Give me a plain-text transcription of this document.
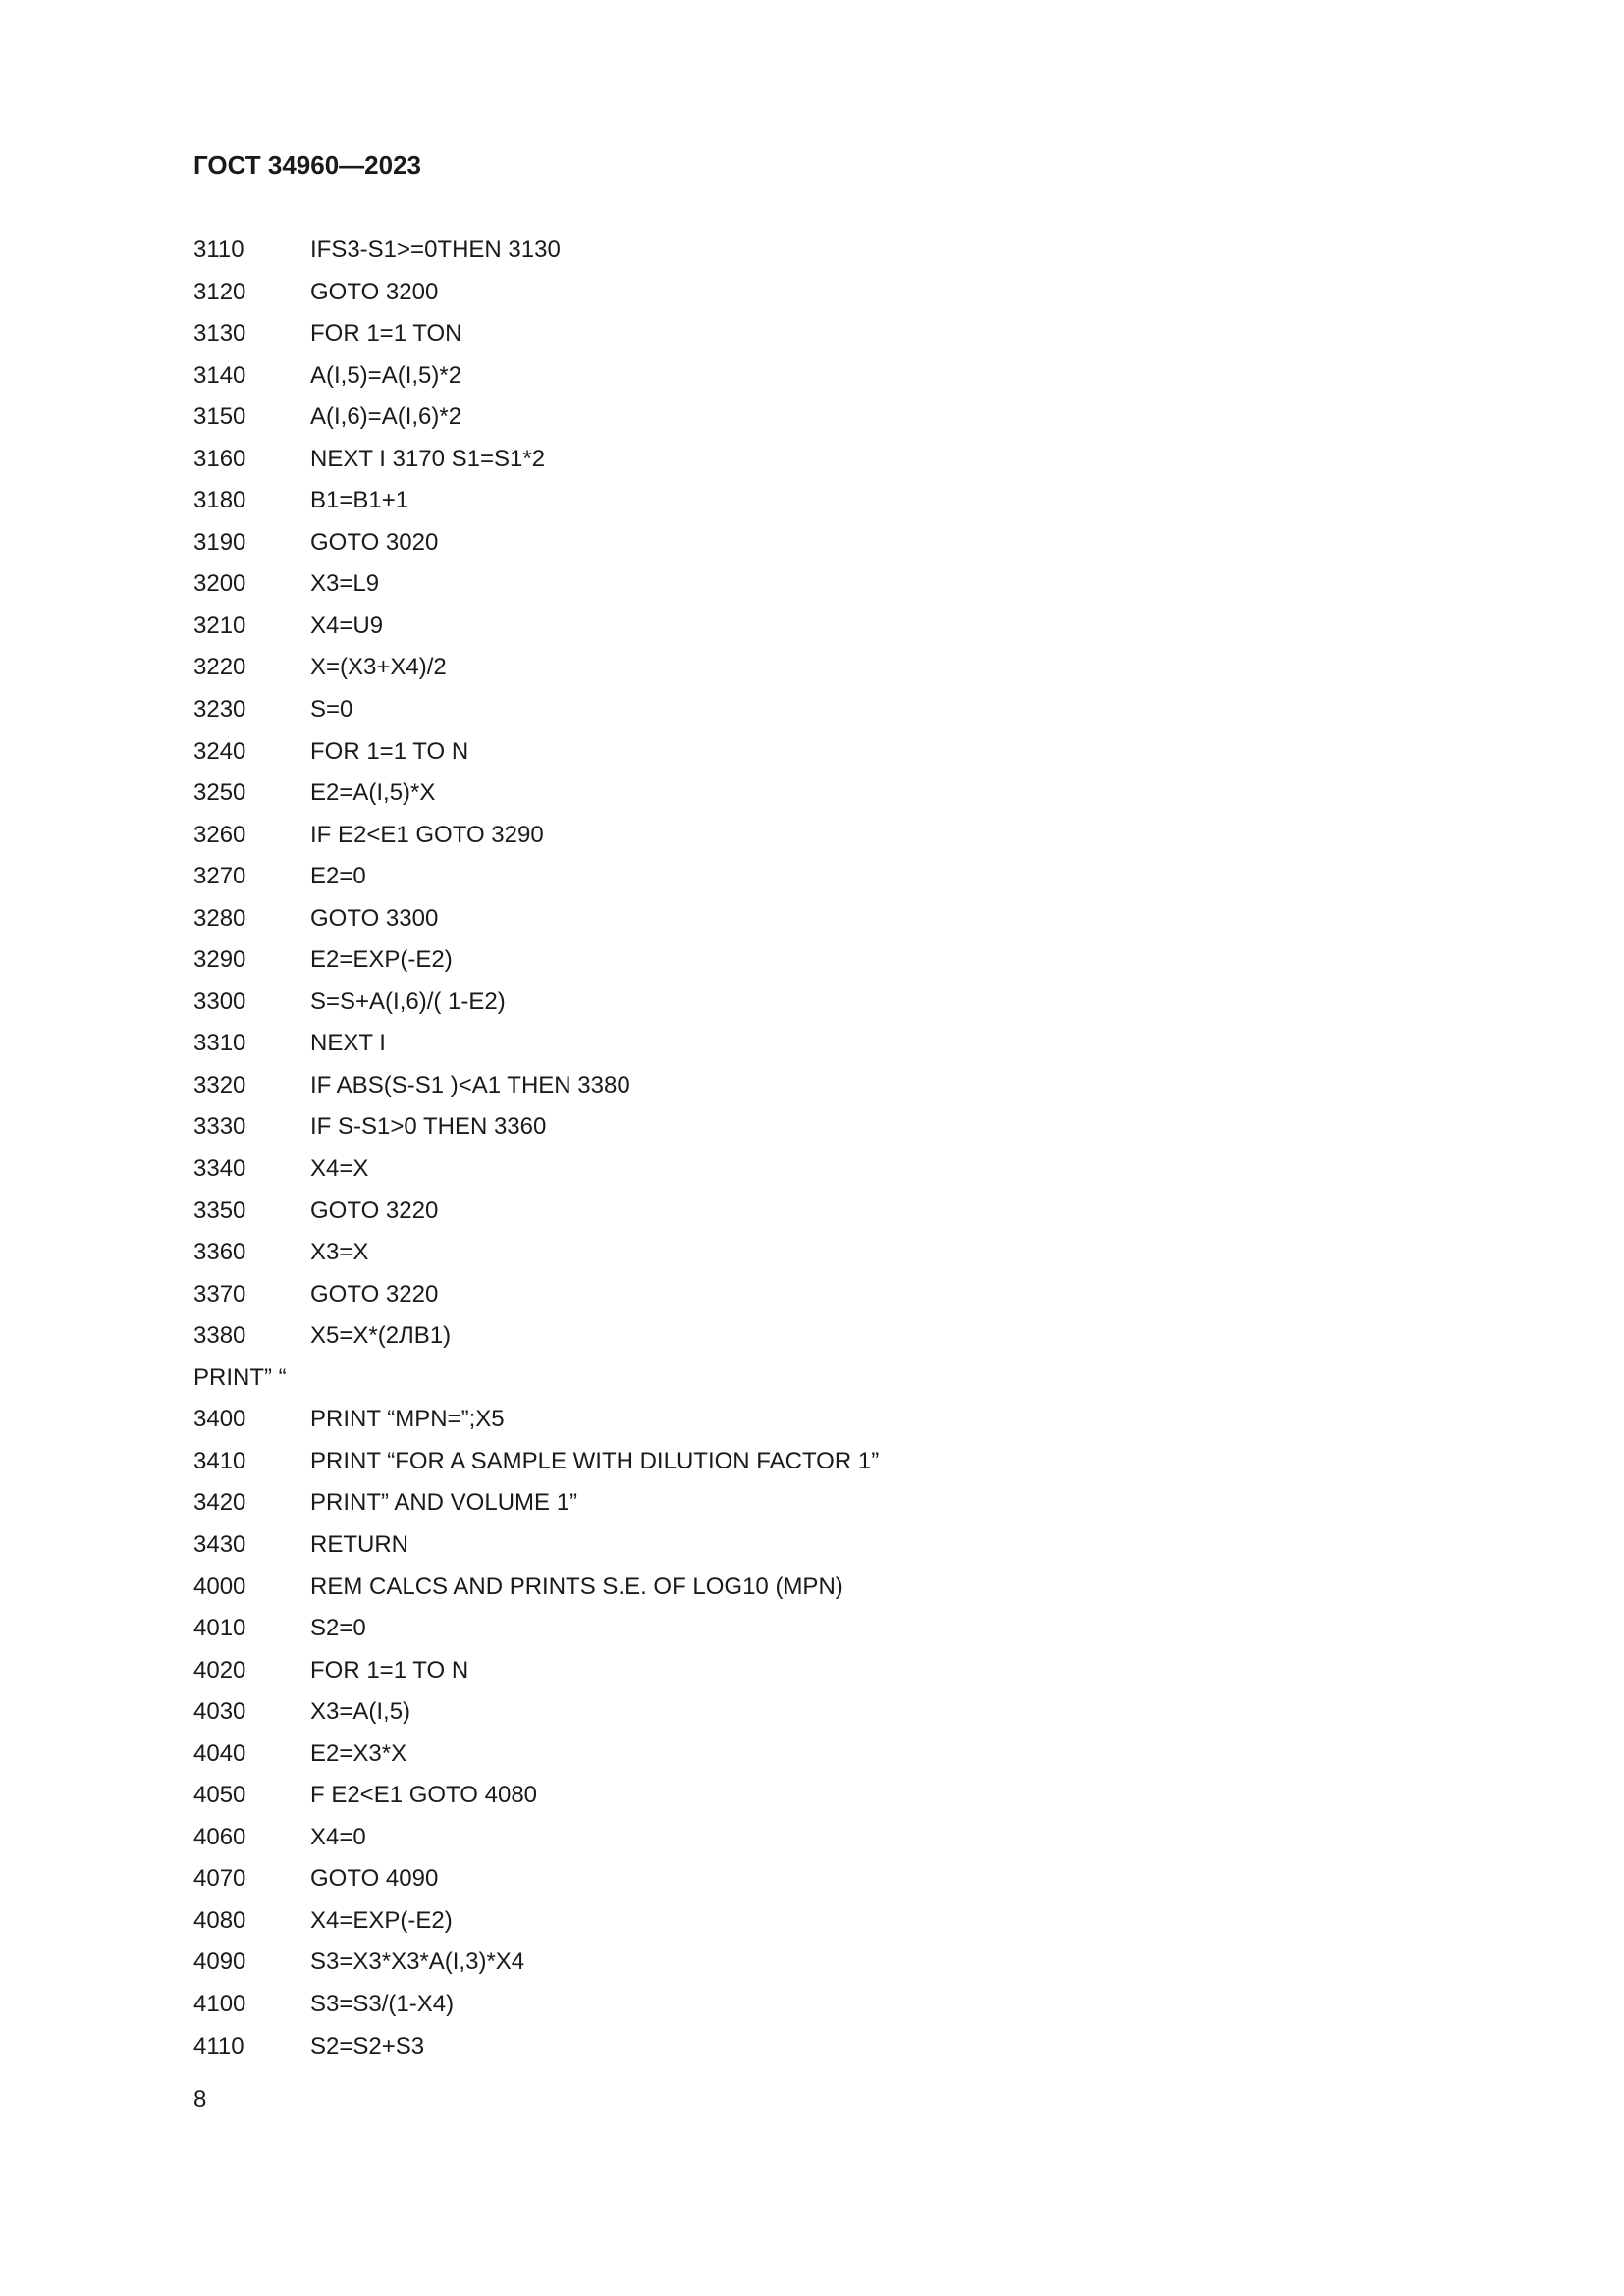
ГОСТ 34960—2023
3110	IFS3-S1>=0THEN 3130
3120	GOTO 3200
3130	FOR 1=1 TON
3140	A(I,5)=A(I,5)*2
3150	A(I,6)=A(I,6)*2
3160	NEXT I 3170 S1=S1*2
3180	B1=B1+1
3190	GOTO 3020
3200	X3=L9
3210	X4=U9
3220	X=(X3+X4)/2
3230	S=0
3240	FOR 1=1 TO N
3250	E2=A(I,5)*X
3260	IF E2<E1 GOTO 3290
3270	E2=0
3280	GOTO 3300
3290	E2=EXP(-E2)
3300	S=S+A(I,6)/( 1-E2)
3310	NEXT I
3320	IF ABS(S-S1 )<A1 THEN 3380
3330	IF S-S1>0 THEN 3360
3340	X4=X
3350	GOTO 3220
3360	X3=X
3370	GOTO 3220
3380	X5=X*(2ЛB1)
PRINT” “
3400	PRINT “MPN=”;X5
3410	PRINT “FOR A SAMPLE WITH DILUTION FACTOR 1”
3420	PRINT” AND VOLUME 1”
3430	RETURN
4000	REM CALCS AND PRINTS S.E. OF LOG10 (MPN)
4010	S2=0
4020	FOR 1=1 TO N
4030	X3=A(I,5)
4040	E2=X3*X
4050	F E2<E1 GOTO 4080
4060	X4=0
4070	GOTO 4090
4080	X4=EXP(-E2)
4090	S3=X3*X3*A(I,3)*X4
4100	S3=S3/(1-X4)
4110	S2=S2+S3
8
